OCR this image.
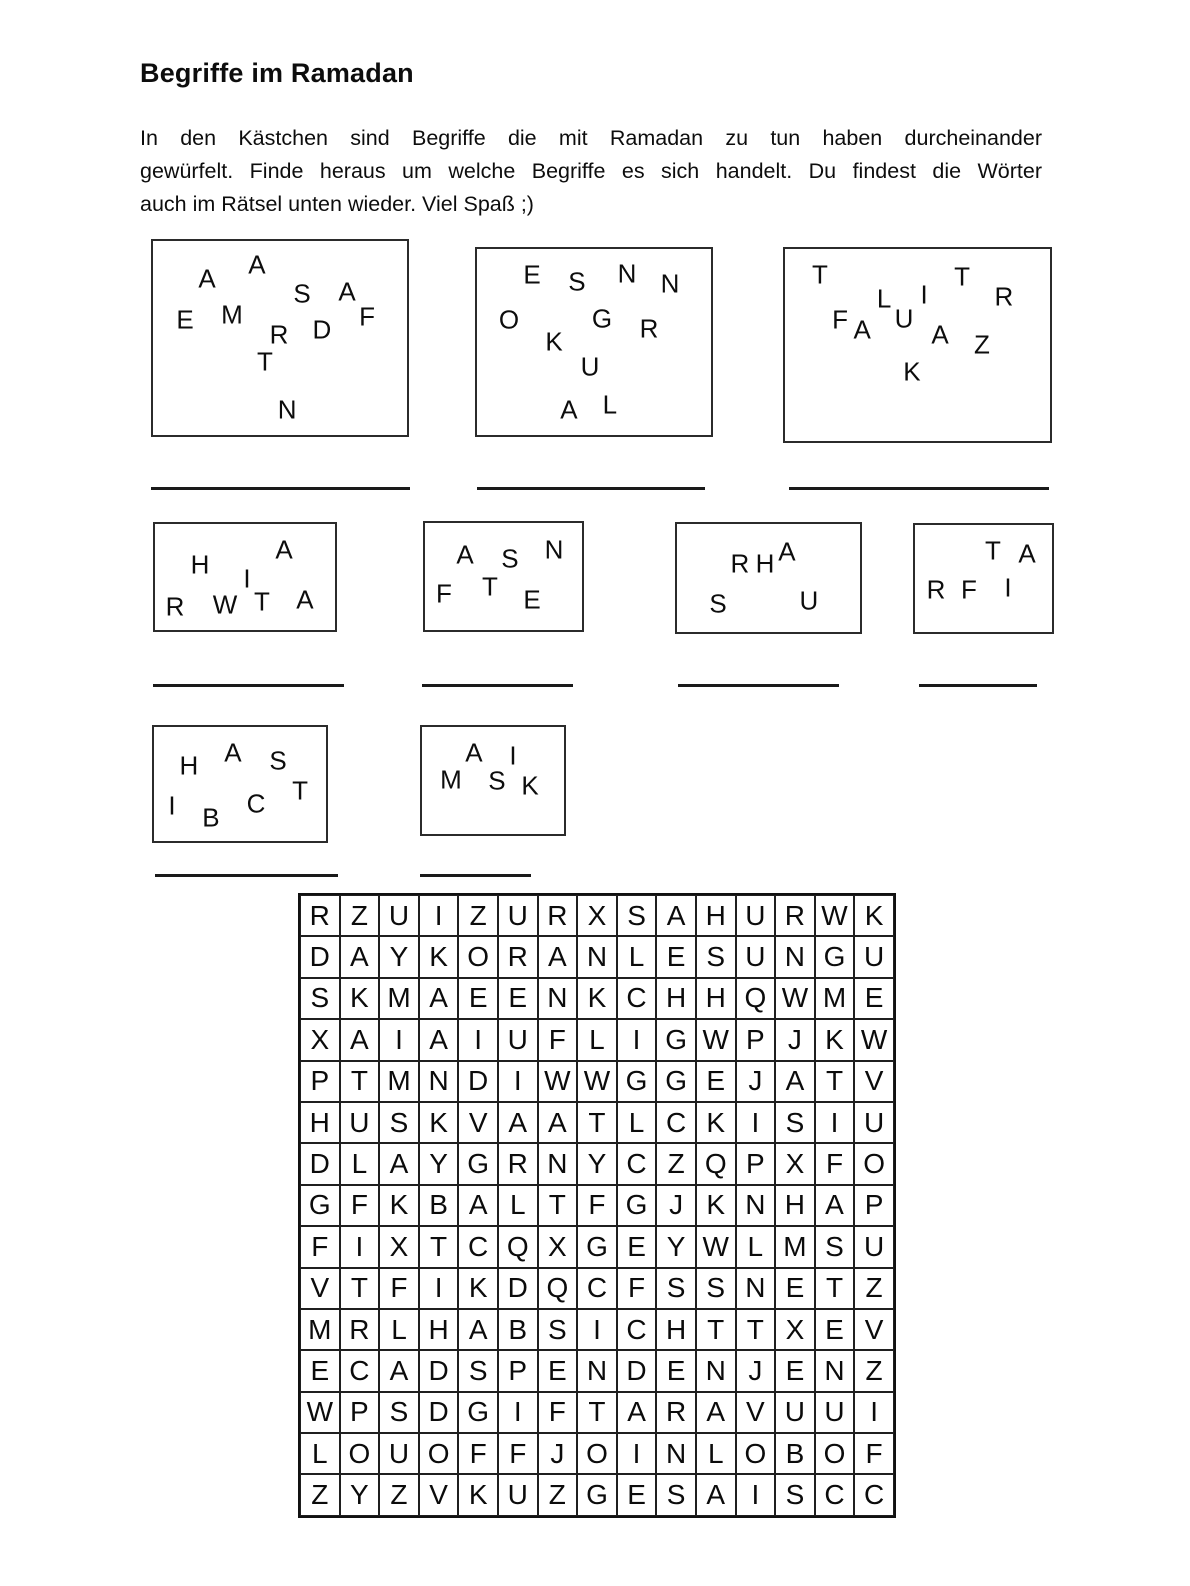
Begriffe im Ramadan
In den Kästchen sind Begriffe die mit Ramadan zu tun haben durcheinander
gewürfelt. Finde heraus um welche Begriffe es sich handelt. Du findest die Wörter
auch im Rätsel unten wieder. Viel Spaß ;)
A A
S A
E M
R D F
T
N
E S N N
O	G R
K
U
A L
T
L I
T
R
F A U
A Z
K
H
A
I
R W T A
A S N
F T E
R H A
S	U
T A
R F I
H A S
T
I B C
A I
M S K
R Z U I Z U R X S A H U R W K
D A Y K O R A N L E S U N G U
S K M A E E N K C H H Q W M E
X A I A I U F L I G W P J K W
P T M N D I W W G G E J A T V
H U S K V A A T L C K I S I U
D L A Y G R N Y C Z Q P X F O
G F K B A L T F G J K N H A P
F I X T C Q X G E Y W L M S U
V T F I K D Q C F S S N E T Z
M R L H A B S I C H T T X E V
E C A D S P E N D E N J E N Z
W P S D G I F T A R A V U U I
L O U O F F J O I N L O B O F
Z Y Z V K U Z G E S A I S C C
